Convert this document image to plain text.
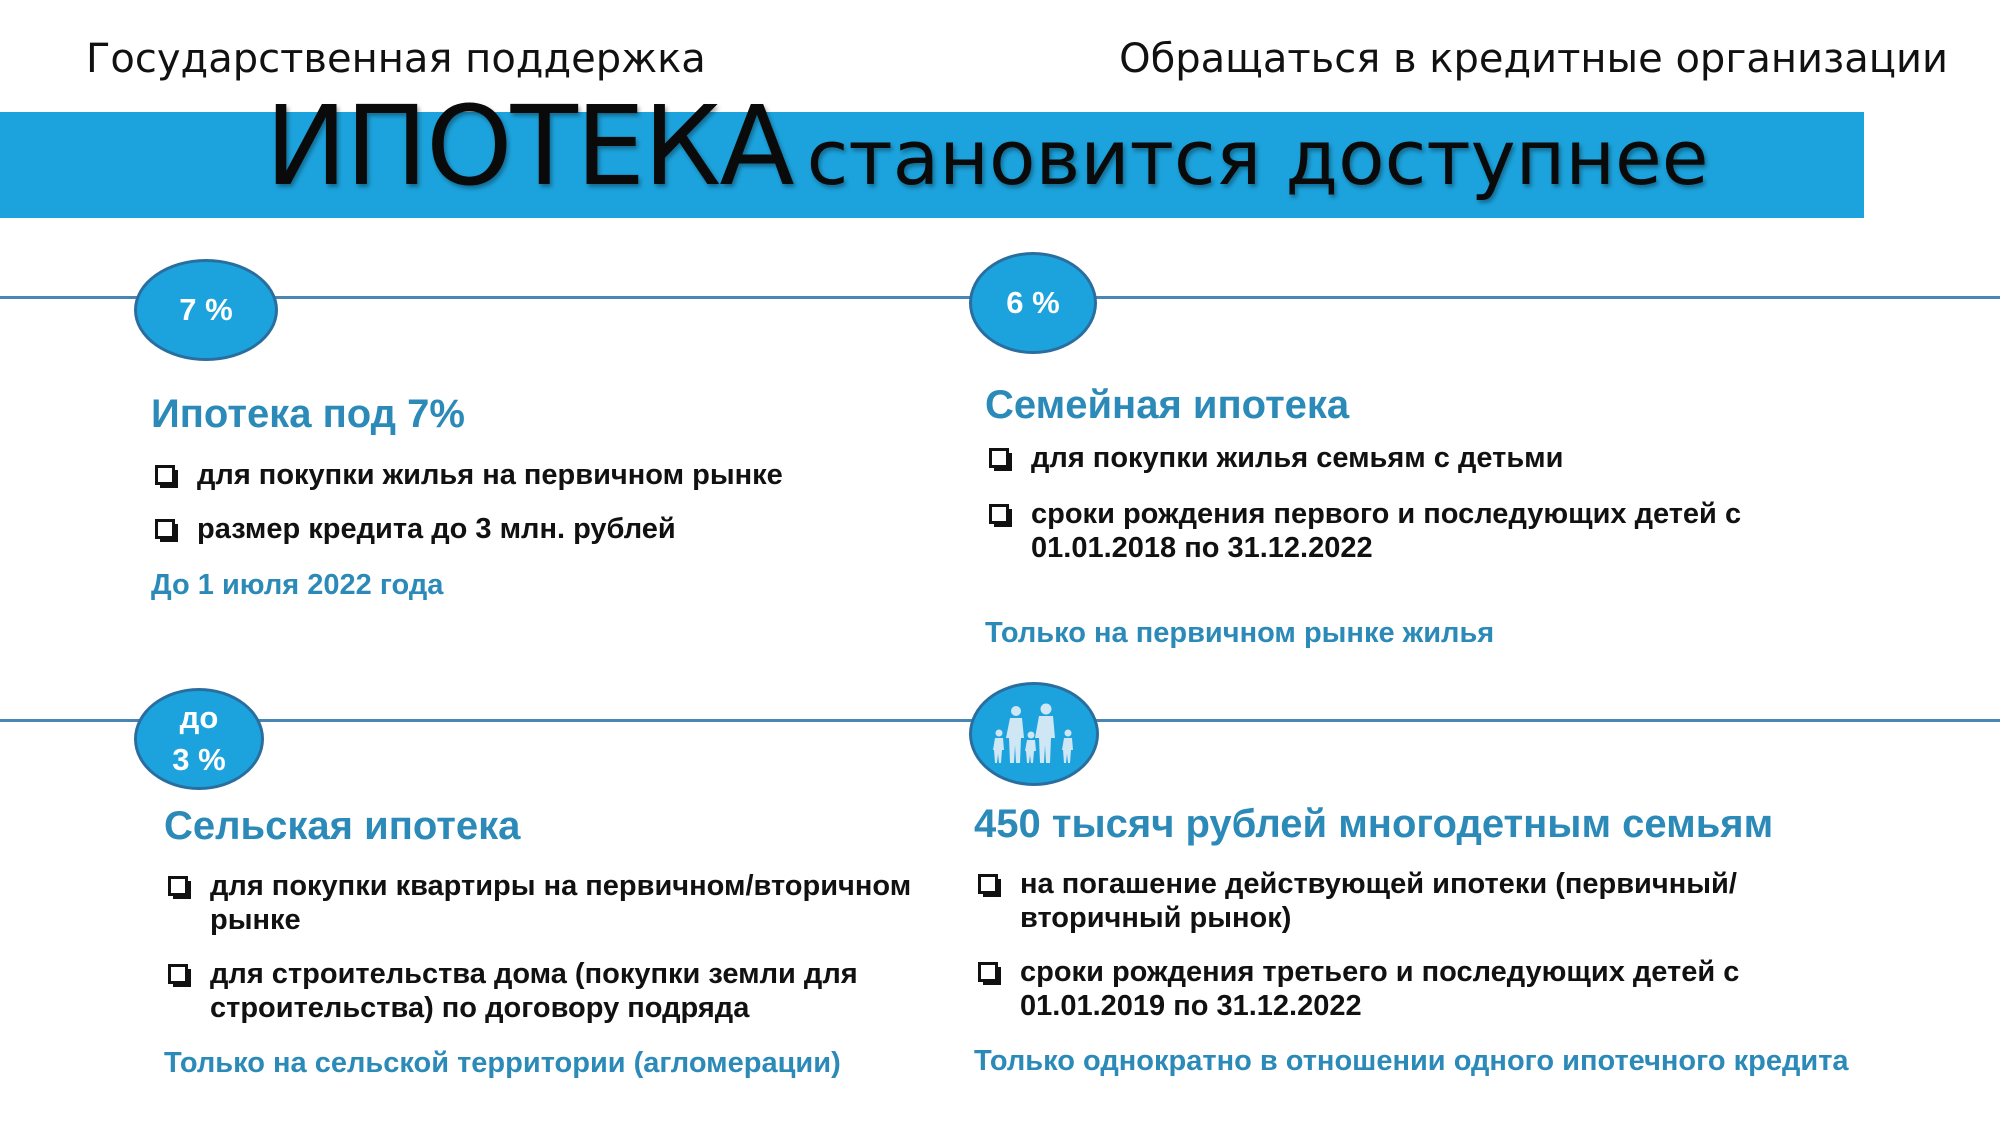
Государственная поддержка	Обращаться в кредитные организации
ИПОТЕКА становится доступнее
7 %
Ипотека под 7%
для покупки жилья на первичном рынке
размер кредита до 3 млн. рублей
До 1 июля 2022 года
6 %
Семейная ипотека
для покупки жилья семьям с детьми
сроки рождения первого и последующих детей с 01.01.2018 по 31.12.2022
Только на первичном рынке жилья
до
3 %
Сельская ипотека
для покупки квартиры на первичном/вторичном рынке
для строительства дома (покупки земли для строительства) по договору подряда
Только на сельской территории (агломерации)
450 тысяч рублей многодетным семьям
на погашение действующей ипотеки (первичный/вторичный рынок)
сроки рождения третьего и последующих детей с 01.01.2019 по 31.12.2022
Только однократно в отношении одного ипотечного кредита
